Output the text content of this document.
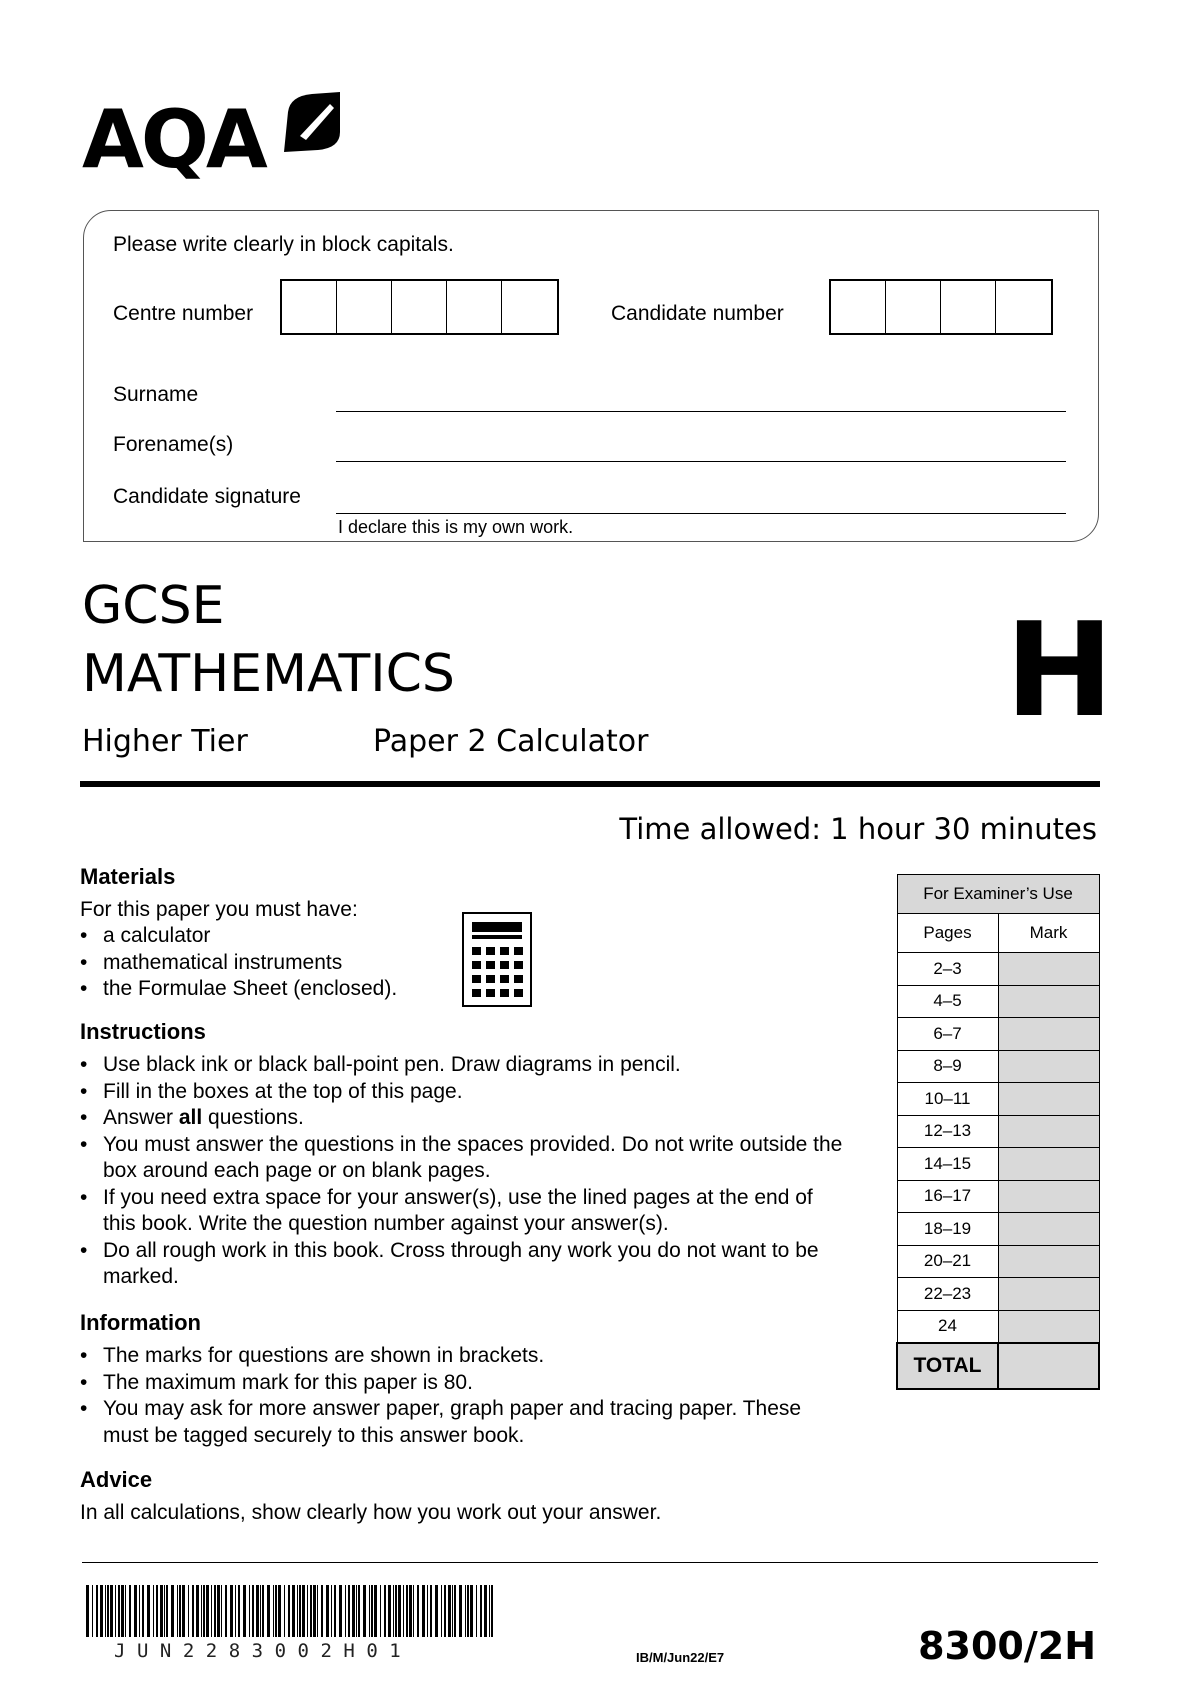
AQA
Please write clearly in block capitals.
Centre number	Candidate number
Surname
Forename(s)
Candidate signature
I declare this is my own work.
GCSE
MATHEMATICS
Higher Tier	Paper 2 Calculator	H
Time allowed: 1 hour 30 minutes
Materials
For this paper you must have:
• a calculator
• mathematical instruments
• the Formulae Sheet (enclosed).
Instructions
• Use black ink or black ball-point pen. Draw diagrams in pencil.
• Fill in the boxes at the top of this page.
• Answer all questions.
• You must answer the questions in the spaces provided. Do not write outside the box around each page or on blank pages.
• If you need extra space for your answer(s), use the lined pages at the end of this book. Write the question number against your answer(s).
• Do all rough work in this book. Cross through any work you do not want to be marked.
Information
• The marks for questions are shown in brackets.
• The maximum mark for this paper is 80.
• You may ask for more answer paper, graph paper and tracing paper. These must be tagged securely to this answer book.
Advice
In all calculations, show clearly how you work out your answer.
For Examiner’s Use	
Pages	Mark
2–3	
4–5	
6–7	
8–9	
10–11	
12–13	
14–15	
16–17	
18–19	
20–21	
22–23	
24	
TOTAL	
JUN2283002H01	IB/M/Jun22/E7	8300/2H
